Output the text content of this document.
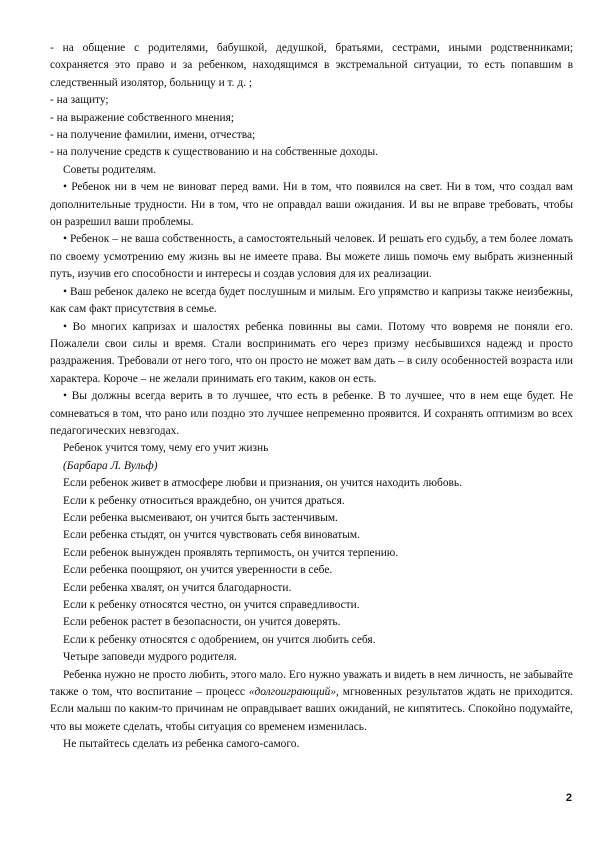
- на общение с родителями, бабушкой, дедушкой, братьями, сестрами, иными родственниками; сохраняется это право и за ребенком, находящимся в экстремальной ситуации, то есть попавшим в следственный изолятор, больницу и т. д. ;

- на защиту;

- на выражение собственного мнения;

- на получение фамилии, имени, отчества;

- на получение средств к существованию и на собственные доходы.

Советы родителям.

• Ребенок ни в чем не виноват перед вами. Ни в том, что появился на свет. Ни в том, что создал вам дополнительные трудности. Ни в том, что не оправдал ваши ожидания. И вы не вправе требовать, чтобы он разрешил ваши проблемы.

• Ребенок – не ваша собственность, а самостоятельный человек. И решать его судьбу, а тем более ломать по своему усмотрению ему жизнь вы не имеете права. Вы можете лишь помочь ему выбрать жизненный путь, изучив его способности и интересы и создав условия для их реализации.

• Ваш ребенок далеко не всегда будет послушным и милым. Его упрямство и капризы также неизбежны, как сам факт присутствия в семье.

• Во многих капризах и шалостях ребенка повинны вы сами. Потому что вовремя не поняли его. Пожалели свои силы и время. Стали воспринимать его через призму несбывшихся надежд и просто раздражения. Требовали от него того, что он просто не может вам дать – в силу особенностей возраста или характера. Короче – не желали принимать его таким, каков он есть.

• Вы должны всегда верить в то лучшее, что есть в ребенке. В то лучшее, что в нем еще будет. Не сомневаться в том, что рано или поздно это лучшее непременно проявится. И сохранять оптимизм во всех педагогических невзгодах.

Ребенок учится тому, чему его учит жизнь

(Барбара Л. Вульф)

Если ребенок живет в атмосфере любви и признания, он учится находить любовь.

Если к ребенку относиться враждебно, он учится драться.

Если ребенка высмеивают, он учится быть застенчивым.

Если ребенка стыдят, он учится чувствовать себя виноватым.

Если ребенок вынужден проявлять терпимость, он учится терпению.

Если ребенка поощряют, он учится уверенности в себе.

Если ребенка хвалят, он учится благодарности.

Если к ребенку относятся честно, он учится справедливости.

Если ребенок растет в безопасности, он учится доверять.

Если к ребенку относятся с одобрением, он учится любить себя.

Четыре заповеди мудрого родителя.

Ребенка нужно не просто любить, этого мало. Его нужно уважать и видеть в нем личность, не забывайте также о том, что воспитание – процесс «долгоиграющий», мгновенных результатов ждать не приходится. Если малыш по каким-то причинам не оправдывает ваших ожиданий, не кипятитесь. Спокойно подумайте, что вы можете сделать, чтобы ситуация со временем изменилась.

Не пытайтесь сделать из ребенка самого-самого.

2
